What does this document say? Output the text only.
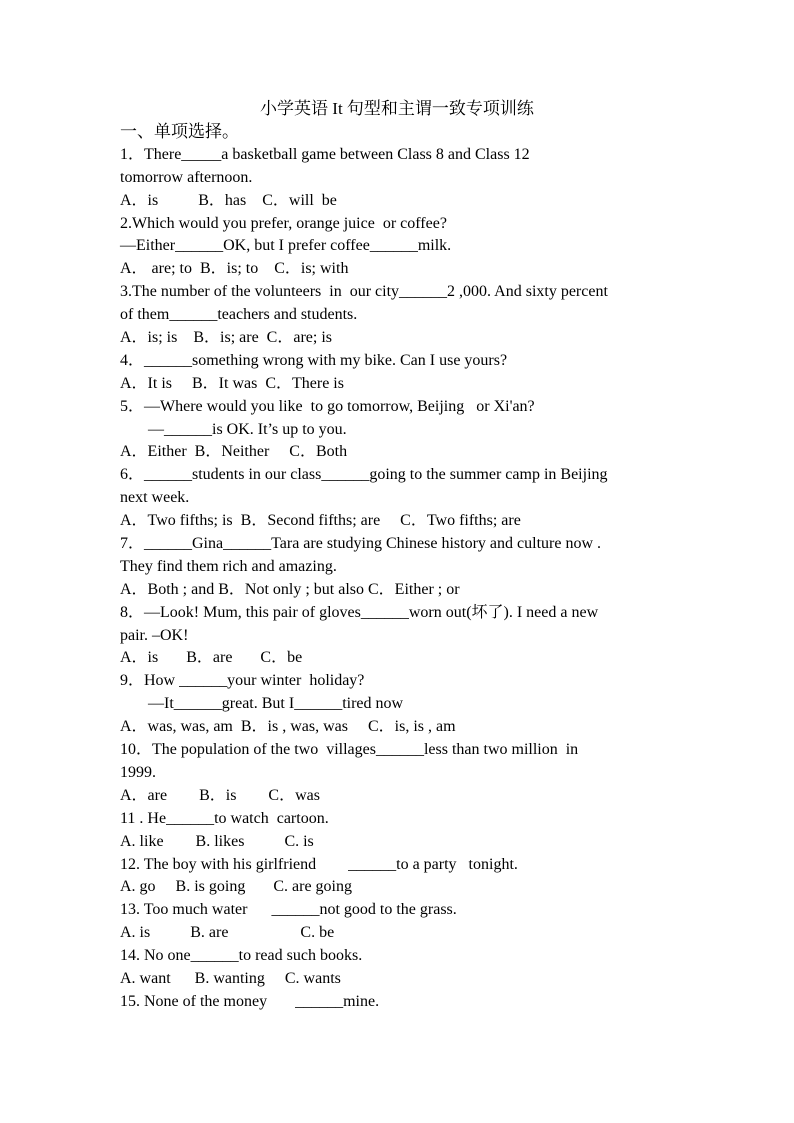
小学英语 It 句型和主谓一致专项训练
一、单项选择。
1．There_____a basketball game between Class 8 and Class 12
tomorrow afternoon.
A．is          B．has    C．will  be
2.Which would you prefer, orange juice  or coffee?
—Either______OK, but I prefer coffee______milk.
A． are; to  B．is; to    C．is; with
3.The number of the volunteers  in  our city______2 ,000. And sixty percent
of them______teachers and students.
A．is; is    B．is; are  C．are; is
4．______something wrong with my bike. Can I use yours?
A．It is     B．It was  C．There is
5．—Where would you like  to go tomorrow, Beijing   or Xi'an?
—______is OK. It’s up to you.
A．Either  B．Neither     C．Both
6．______students in our class______going to the summer camp in Beijing
next week.
A．Two fifths; is  B．Second fifths; are     C．Two fifths; are
7．______Gina______Tara are studying Chinese history and culture now .
They find them rich and amazing.
A．Both ; and B．Not only ; but also C．Either ; or
8．—Look! Mum, this pair of gloves______worn out(坏了). I need a new
pair. –OK!
A．is       B．are       C．be
9．How ______your winter  holiday?
—It______great. But I______tired now
A．was, was, am  B．is , was, was     C．is, is , am
10．The population of the two  villages______less than two million  in
1999.
A．are        B．is        C．was
11 . He______to watch  cartoon.
A. like        B. likes          C. is
12. The boy with his girlfriend        ______to a party   tonight.
A. go     B. is going       C. are going
13. Too much water      ______not good to the grass.
A. is          B. are                  C. be
14. No one______to read such books.
A. want      B. wanting     C. wants
15. None of the money       ______mine.
